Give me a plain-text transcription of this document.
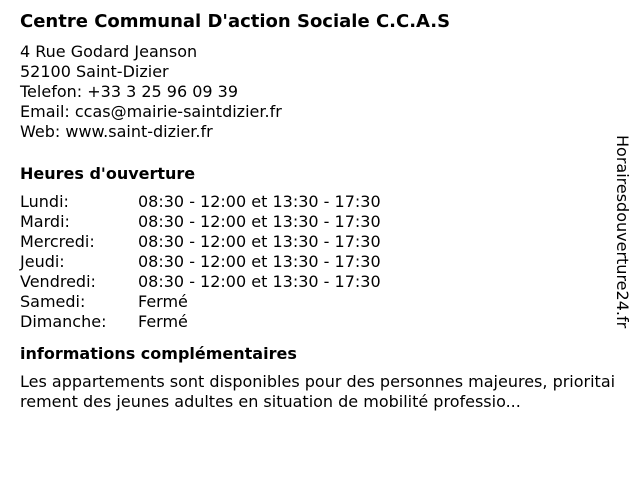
Centre Communal D'action Sociale C.C.A.S
4 Rue Godard Jeanson
52100 Saint-Dizier
Telefon: +33 3 25 96 09 39
Email: ccas@mairie-saintdizier.fr
Web: www.saint-dizier.fr
Heures d'ouverture
Lundi:	08:30 - 12:00 et 13:30 - 17:30
Mardi:	08:30 - 12:00 et 13:30 - 17:30
Mercredi:	08:30 - 12:00 et 13:30 - 17:30
Jeudi:	08:30 - 12:00 et 13:30 - 17:30
Vendredi:	08:30 - 12:00 et 13:30 - 17:30
Samedi:	Fermé
Dimanche:	Fermé
informations complémentaires
Les appartements sont disponibles pour des personnes majeures, prioritairement des jeunes adultes en situation de mobilité professio...
Horairesdouverture24.fr
